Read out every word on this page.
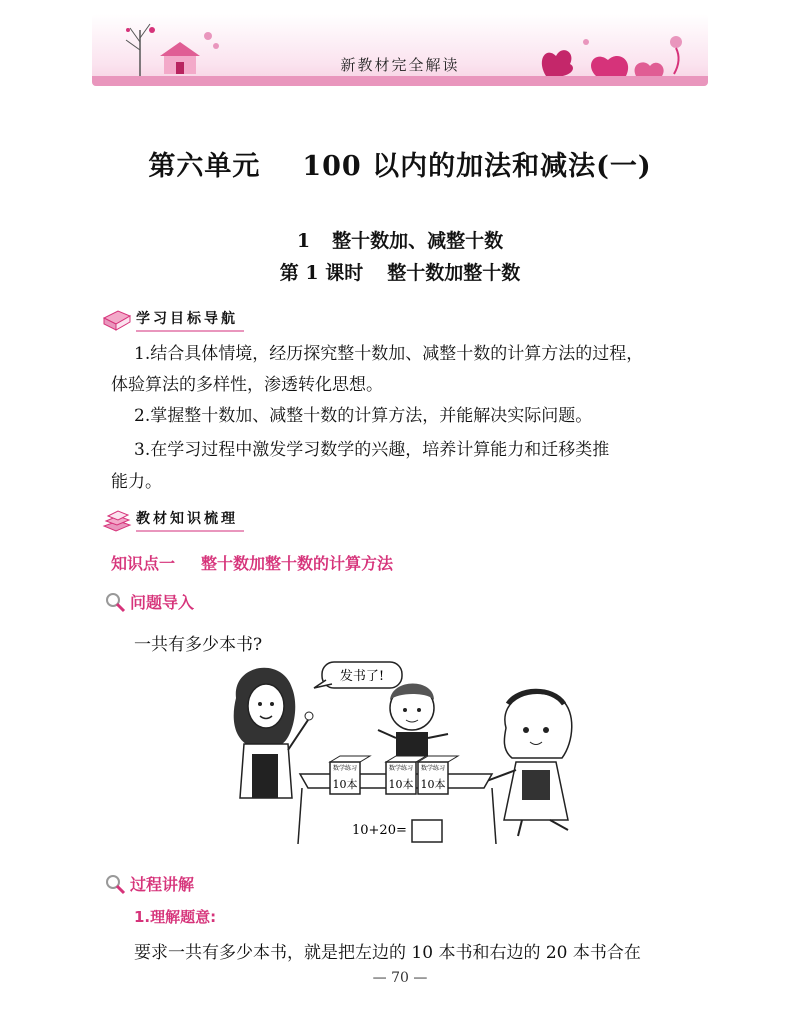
新教材完全解读
第六单元 100 以内的加法和减法(一)
1 整十数加、减整十数
第 1 课时 整十数加整十数
学习目标导航
1.结合具体情境，经历探究整十数加、减整十数的计算方法的过程，
体验算法的多样性，渗透转化思想。
2.掌握整十数加、减整十数的计算方法，并能解决实际问题。
3.在学习过程中激发学习数学的兴趣，培养计算能力和迁移类推
能力。
教材知识梳理
知识点一 整十数加整十数的计算方法
问题导入
一共有多少本书?
发书了!
数学练习
10本
数学练习
10本
数学练习
10本
10+20=
过程讲解
1.理解题意:
要求一共有多少本书，就是把左边的 10 本书和右边的 20 本书合在
— 70 —
